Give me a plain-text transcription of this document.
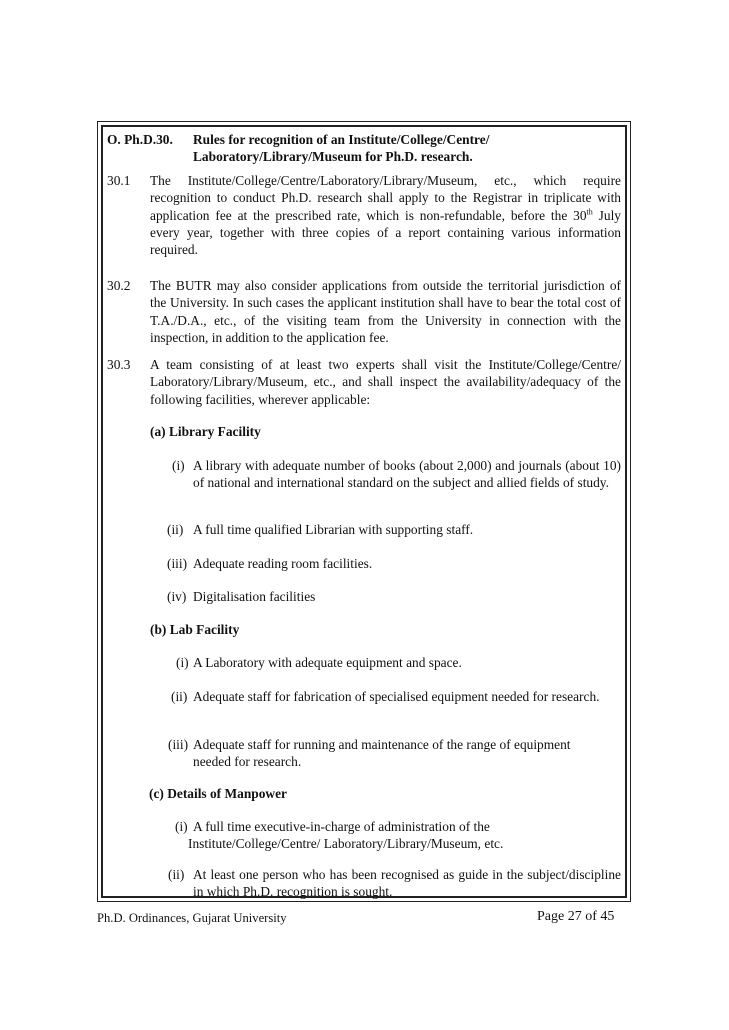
O. Ph.D.30. Rules for recognition of an Institute/College/Centre/
Laboratory/Library/Museum for Ph.D. research.
30.1 The Institute/College/Centre/Laboratory/Library/Museum, etc., which require recognition to conduct Ph.D. research shall apply to the Registrar in triplicate with application fee at the prescribed rate, which is non-refundable, before the 30th July every year, together with three copies of a report containing various information required.
30.2 The BUTR may also consider applications from outside the territorial jurisdiction of the University. In such cases the applicant institution shall have to bear the total cost of T.A./D.A., etc., of the visiting team from the University in connection with the inspection, in addition to the application fee.
30.3 A team consisting of at least two experts shall visit the Institute/College/Centre/ Laboratory/Library/Museum, etc., and shall inspect the availability/adequacy of the following facilities, wherever applicable:
(a) Library Facility
(i) A library with adequate number of books (about 2,000) and journals (about 10) of national and international standard on the subject and allied fields of study.
(ii) A full time qualified Librarian with supporting staff.
(iii) Adequate reading room facilities.
(iv) Digitalisation facilities
(b) Lab Facility
(i) A Laboratory with adequate equipment and space.
(ii) Adequate staff for fabrication of specialised equipment needed for research.
(iii) Adequate staff for running and maintenance of the range of equipment needed for research.
(c) Details of Manpower
(i) A full time executive-in-charge of administration of the
Institute/College/Centre/ Laboratory/Library/Museum, etc.
(ii) At least one person who has been recognised as guide in the subject/discipline in which Ph.D. recognition is sought.
Ph.D. Ordinances, Gujarat University	Page 27 of 45
